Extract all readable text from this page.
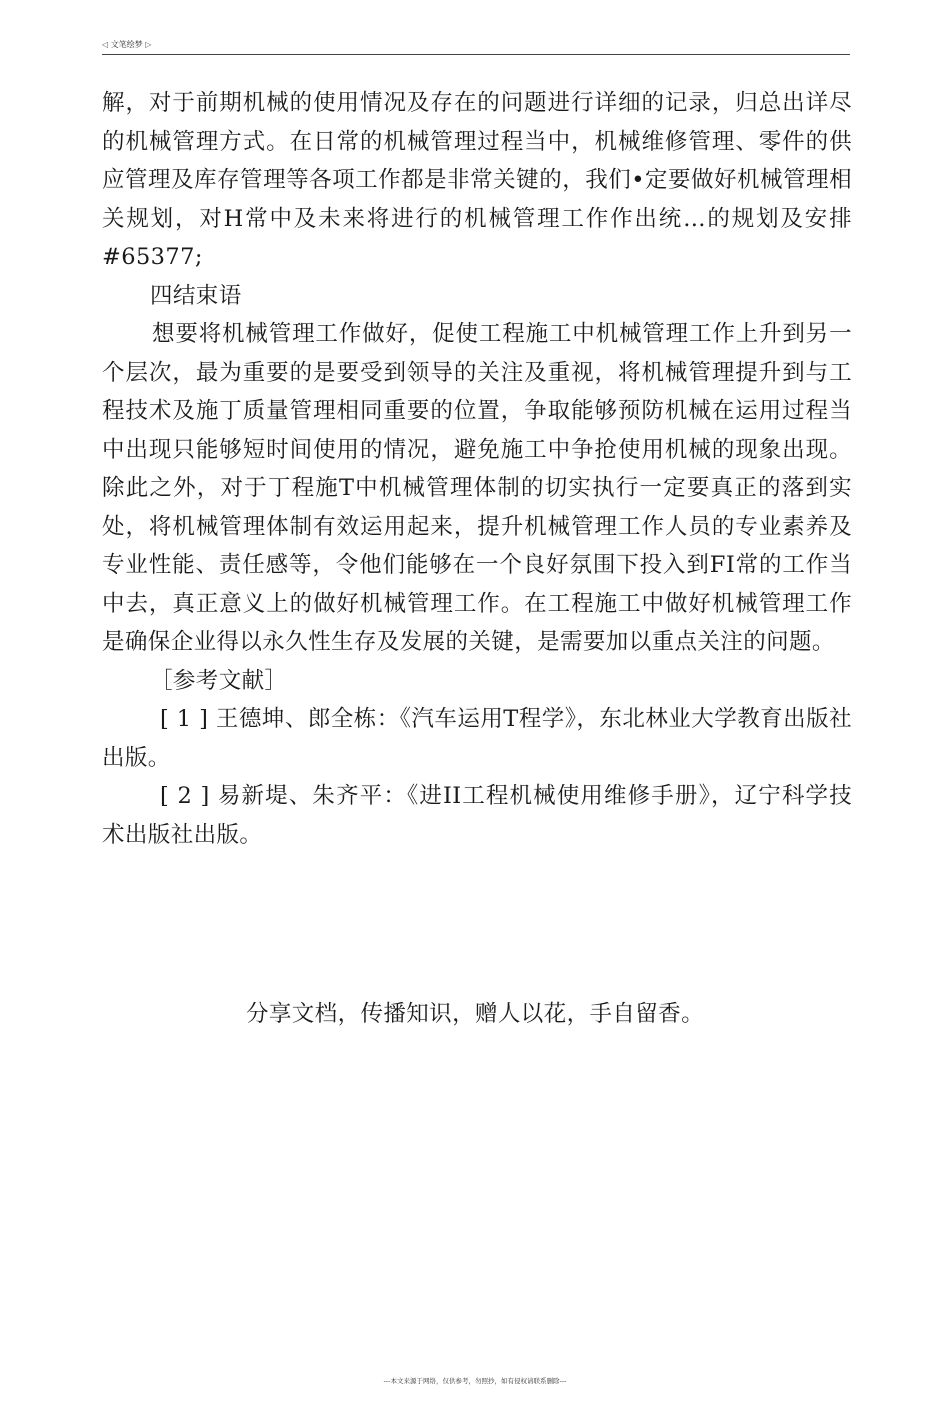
◁ 文笔绘梦 ▷

解，对于前期机械的使用情况及存在的问题进行详细的记录，归总出详尽的机械管理方式。在日常的机械管理过程当中，机械维修管理、零件的供应管理及库存管理等各项工作都是非常关键的，我们•定要做好机械管理相关规划，对H常中及未来将进行的机械管理工作作出统…的规划及安排#65377;

四结束语

想要将机械管理工作做好，促使工程施工中机械管理工作上升到另一个层次，最为重要的是要受到领导的关注及重视，将机械管理提升到与工程技术及施丁质量管理相同重要的位置，争取能够预防机械在运用过程当中出现只能够短时间使用的情况，避免施工中争抢使用机械的现象出现。除此之外，对于丁程施T中机械管理体制的切实执行一定要真正的落到实处，将机械管理体制有效运用起来，提升机械管理工作人员的专业素养及专业性能、责任感等，令他们能够在一个良好氛围下投入到FI常的工作当中去，真正意义上的做好机械管理工作。在工程施工中做好机械管理工作是确保企业得以永久性生存及发展的关键，是需要加以重点关注的问题。

［参考文献］

[ 1 ] 王德坤、郎全栋：《汽车运用T程学》，东北林业大学教育出版社出版。

[ 2 ] 易新堤、朱齐平：《进II工程机械使用维修手册》，辽宁科学技术出版社出版。

分享文档，传播知识，赠人以花，手自留香。
---本文来源于网络，仅供参考，勿照抄，如有侵权请联系删除---
